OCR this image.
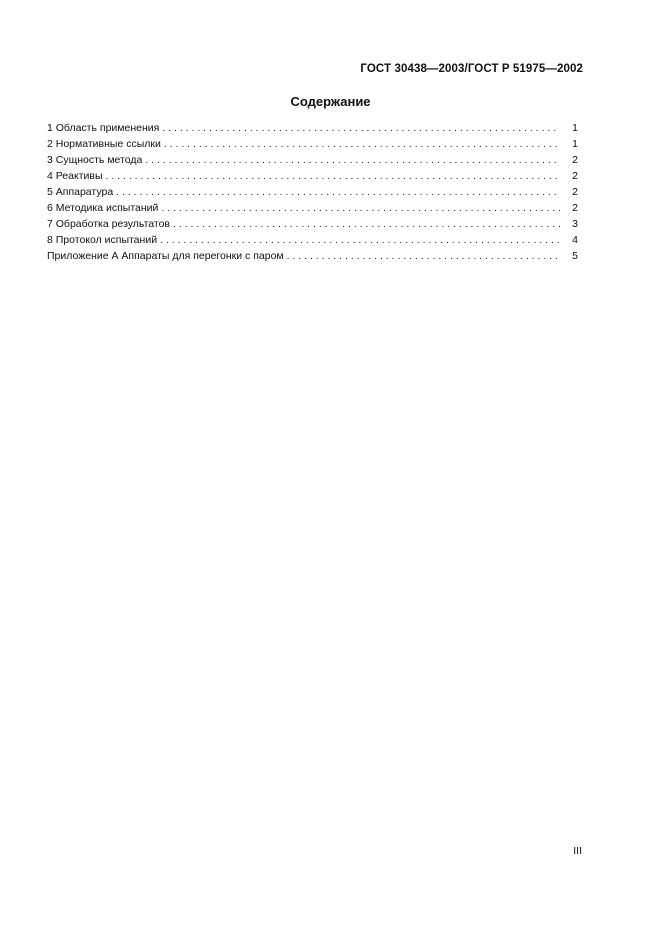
ГОСТ 30438—2003/ГОСТ Р 51975—2002
Содержание
1 Область применения . . .	1
2 Нормативные ссылки . . .	1
3 Сущность метода . . .	2
4 Реактивы . . .	2
5 Аппаратура . . .	2
6 Методика испытаний . . .	2
7 Обработка результатов . . .	3
8 Протокол испытаний . . .	4
Приложение А Аппараты для перегонки с паром . . .	5
III
